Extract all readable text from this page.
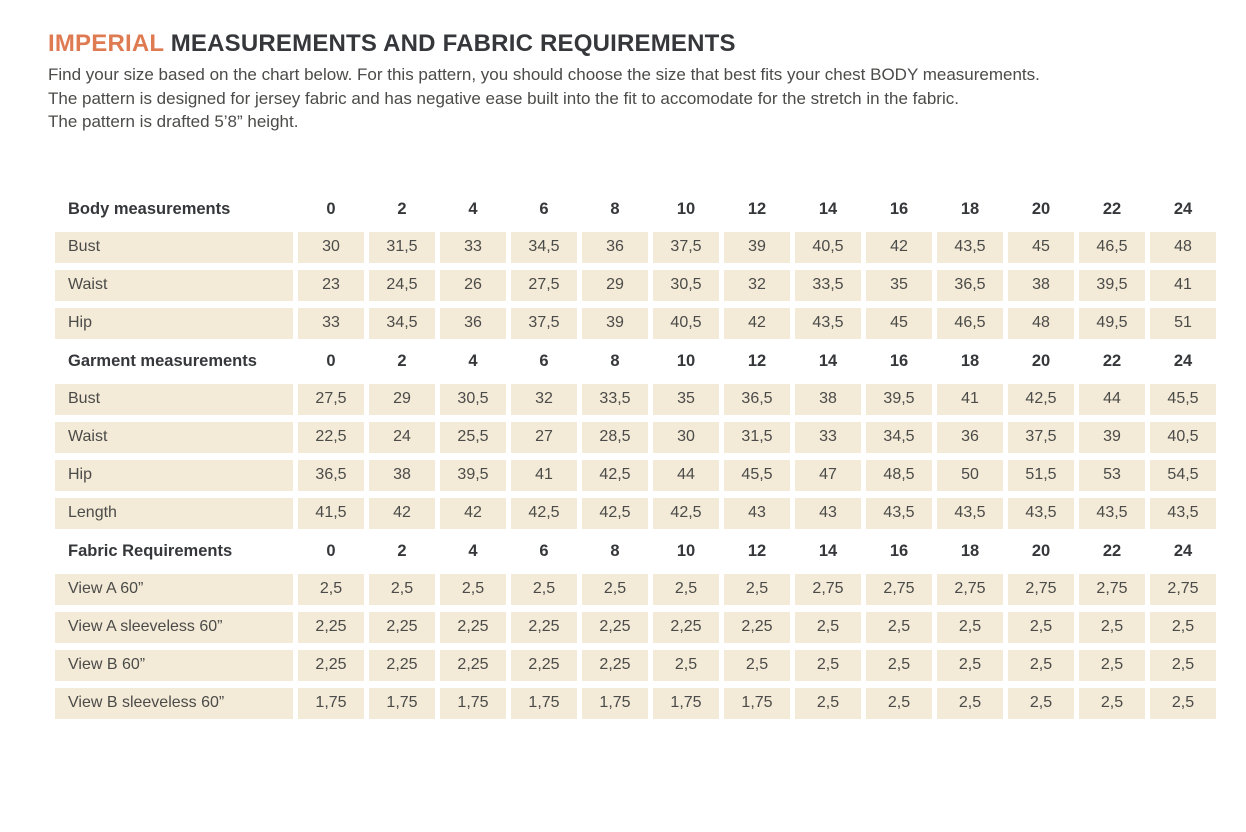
IMPERIAL MEASUREMENTS AND FABRIC REQUIREMENTS

Find your size based on the chart below. For this pattern, you should choose the size that best fits your chest BODY measurements.
The pattern is designed for jersey fabric and has negative ease built into the fit to accomodate for the stretch in the fabric.
The pattern is drafted 5’8” height.

Body measurements	0	2	4	6	8	10	12	14	16	18	20	22	24
Bust	30	31,5	33	34,5	36	37,5	39	40,5	42	43,5	45	46,5	48
Waist	23	24,5	26	27,5	29	30,5	32	33,5	35	36,5	38	39,5	41
Hip	33	34,5	36	37,5	39	40,5	42	43,5	45	46,5	48	49,5	51
Garment measurements	0	2	4	6	8	10	12	14	16	18	20	22	24
Bust	27,5	29	30,5	32	33,5	35	36,5	38	39,5	41	42,5	44	45,5
Waist	22,5	24	25,5	27	28,5	30	31,5	33	34,5	36	37,5	39	40,5
Hip	36,5	38	39,5	41	42,5	44	45,5	47	48,5	50	51,5	53	54,5
Length	41,5	42	42	42,5	42,5	42,5	43	43	43,5	43,5	43,5	43,5	43,5
Fabric Requirements	0	2	4	6	8	10	12	14	16	18	20	22	24
View A 60”	2,5	2,5	2,5	2,5	2,5	2,5	2,5	2,75	2,75	2,75	2,75	2,75	2,75
View A sleeveless 60”	2,25	2,25	2,25	2,25	2,25	2,25	2,25	2,5	2,5	2,5	2,5	2,5	2,5
View B 60”	2,25	2,25	2,25	2,25	2,25	2,5	2,5	2,5	2,5	2,5	2,5	2,5	2,5
View B sleeveless 60”	1,75	1,75	1,75	1,75	1,75	1,75	1,75	2,5	2,5	2,5	2,5	2,5	2,5
